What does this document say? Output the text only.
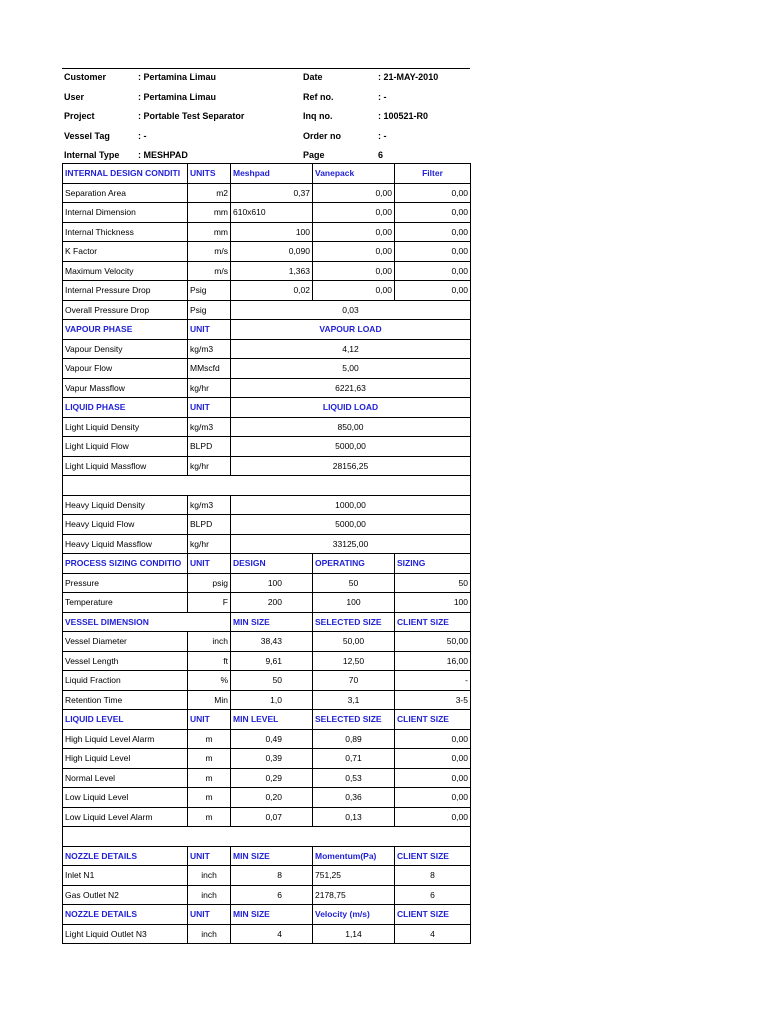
Customer	: Pertamina Limau	Date	: 21-MAY-2010
User	: Pertamina Limau	Ref no.	: -
Project	: Portable Test Separator	Inq no.	: 100521-R0
Vessel Tag	: -	Order no	: -
Internal Type : MESHPAD	Page	6
INTERNAL DESIGN CONDITI	UNITS	Meshpad	Vanepack	Filter
Separation Area	m2	0,37	0,00	0,00
Internal Dimension	mm	610x610	0,00	0,00
Internal Thickness	mm	100	0,00	0,00
K Factor	m/s	0,090	0,00	0,00
Maximum Velocity	m/s	1,363	0,00	0,00
Internal Pressure Drop	Psig	0,02	0,00	0,00
Overall Pressure Drop	Psig	0,03		
VAPOUR PHASE	UNIT	VAPOUR LOAD		
Vapour Density	kg/m3	4,12		
Vapour Flow	MMscfd	5,00		
Vapur Massflow	kg/hr	6221,63		
LIQUID PHASE	UNIT	LIQUID LOAD		
Light Liquid Density	kg/m3	850,00		
Light Liquid Flow	BLPD	5000,00		
Light Liquid Massflow	kg/hr	28156,25		

Heavy Liquid Density	kg/m3	1000,00		
Heavy Liquid Flow	BLPD	5000,00		
Heavy Liquid Massflow	kg/hr	33125,00		
PROCESS SIZING CONDITIO	UNIT	DESIGN	OPERATING	SIZING
Pressure	psig	100	50	50
Temperature	F	200	100	100
VESSEL DIMENSION		MIN SIZE	SELECTED SIZE	CLIENT SIZE
Vessel Diameter	inch	38,43	50,00	50,00
Vessel Length	ft	9,61	12,50	16,00
Liquid Fraction	%	50	70	-
Retention Time	Min	1,0	3,1	3-5
LIQUID LEVEL	UNIT	MIN LEVEL	SELECTED SIZE	CLIENT SIZE
High Liquid Level Alarm	m	0,49	0,89	0,00
High Liquid Level	m	0,39	0,71	0,00
Normal Level	m	0,29	0,53	0,00
Low Liquid Level	m	0,20	0,36	0,00
Low Liquid Level Alarm	m	0,07	0,13	0,00

NOZZLE DETAILS	UNIT	MIN SIZE	Momentum(Pa)	CLIENT SIZE
Inlet N1	inch	8	751,25	8
Gas Outlet N2	inch	6	2178,75	6
NOZZLE DETAILS	UNIT	MIN SIZE	Velocity (m/s)	CLIENT SIZE
Light Liquid Outlet N3	inch	4	1,14	4
